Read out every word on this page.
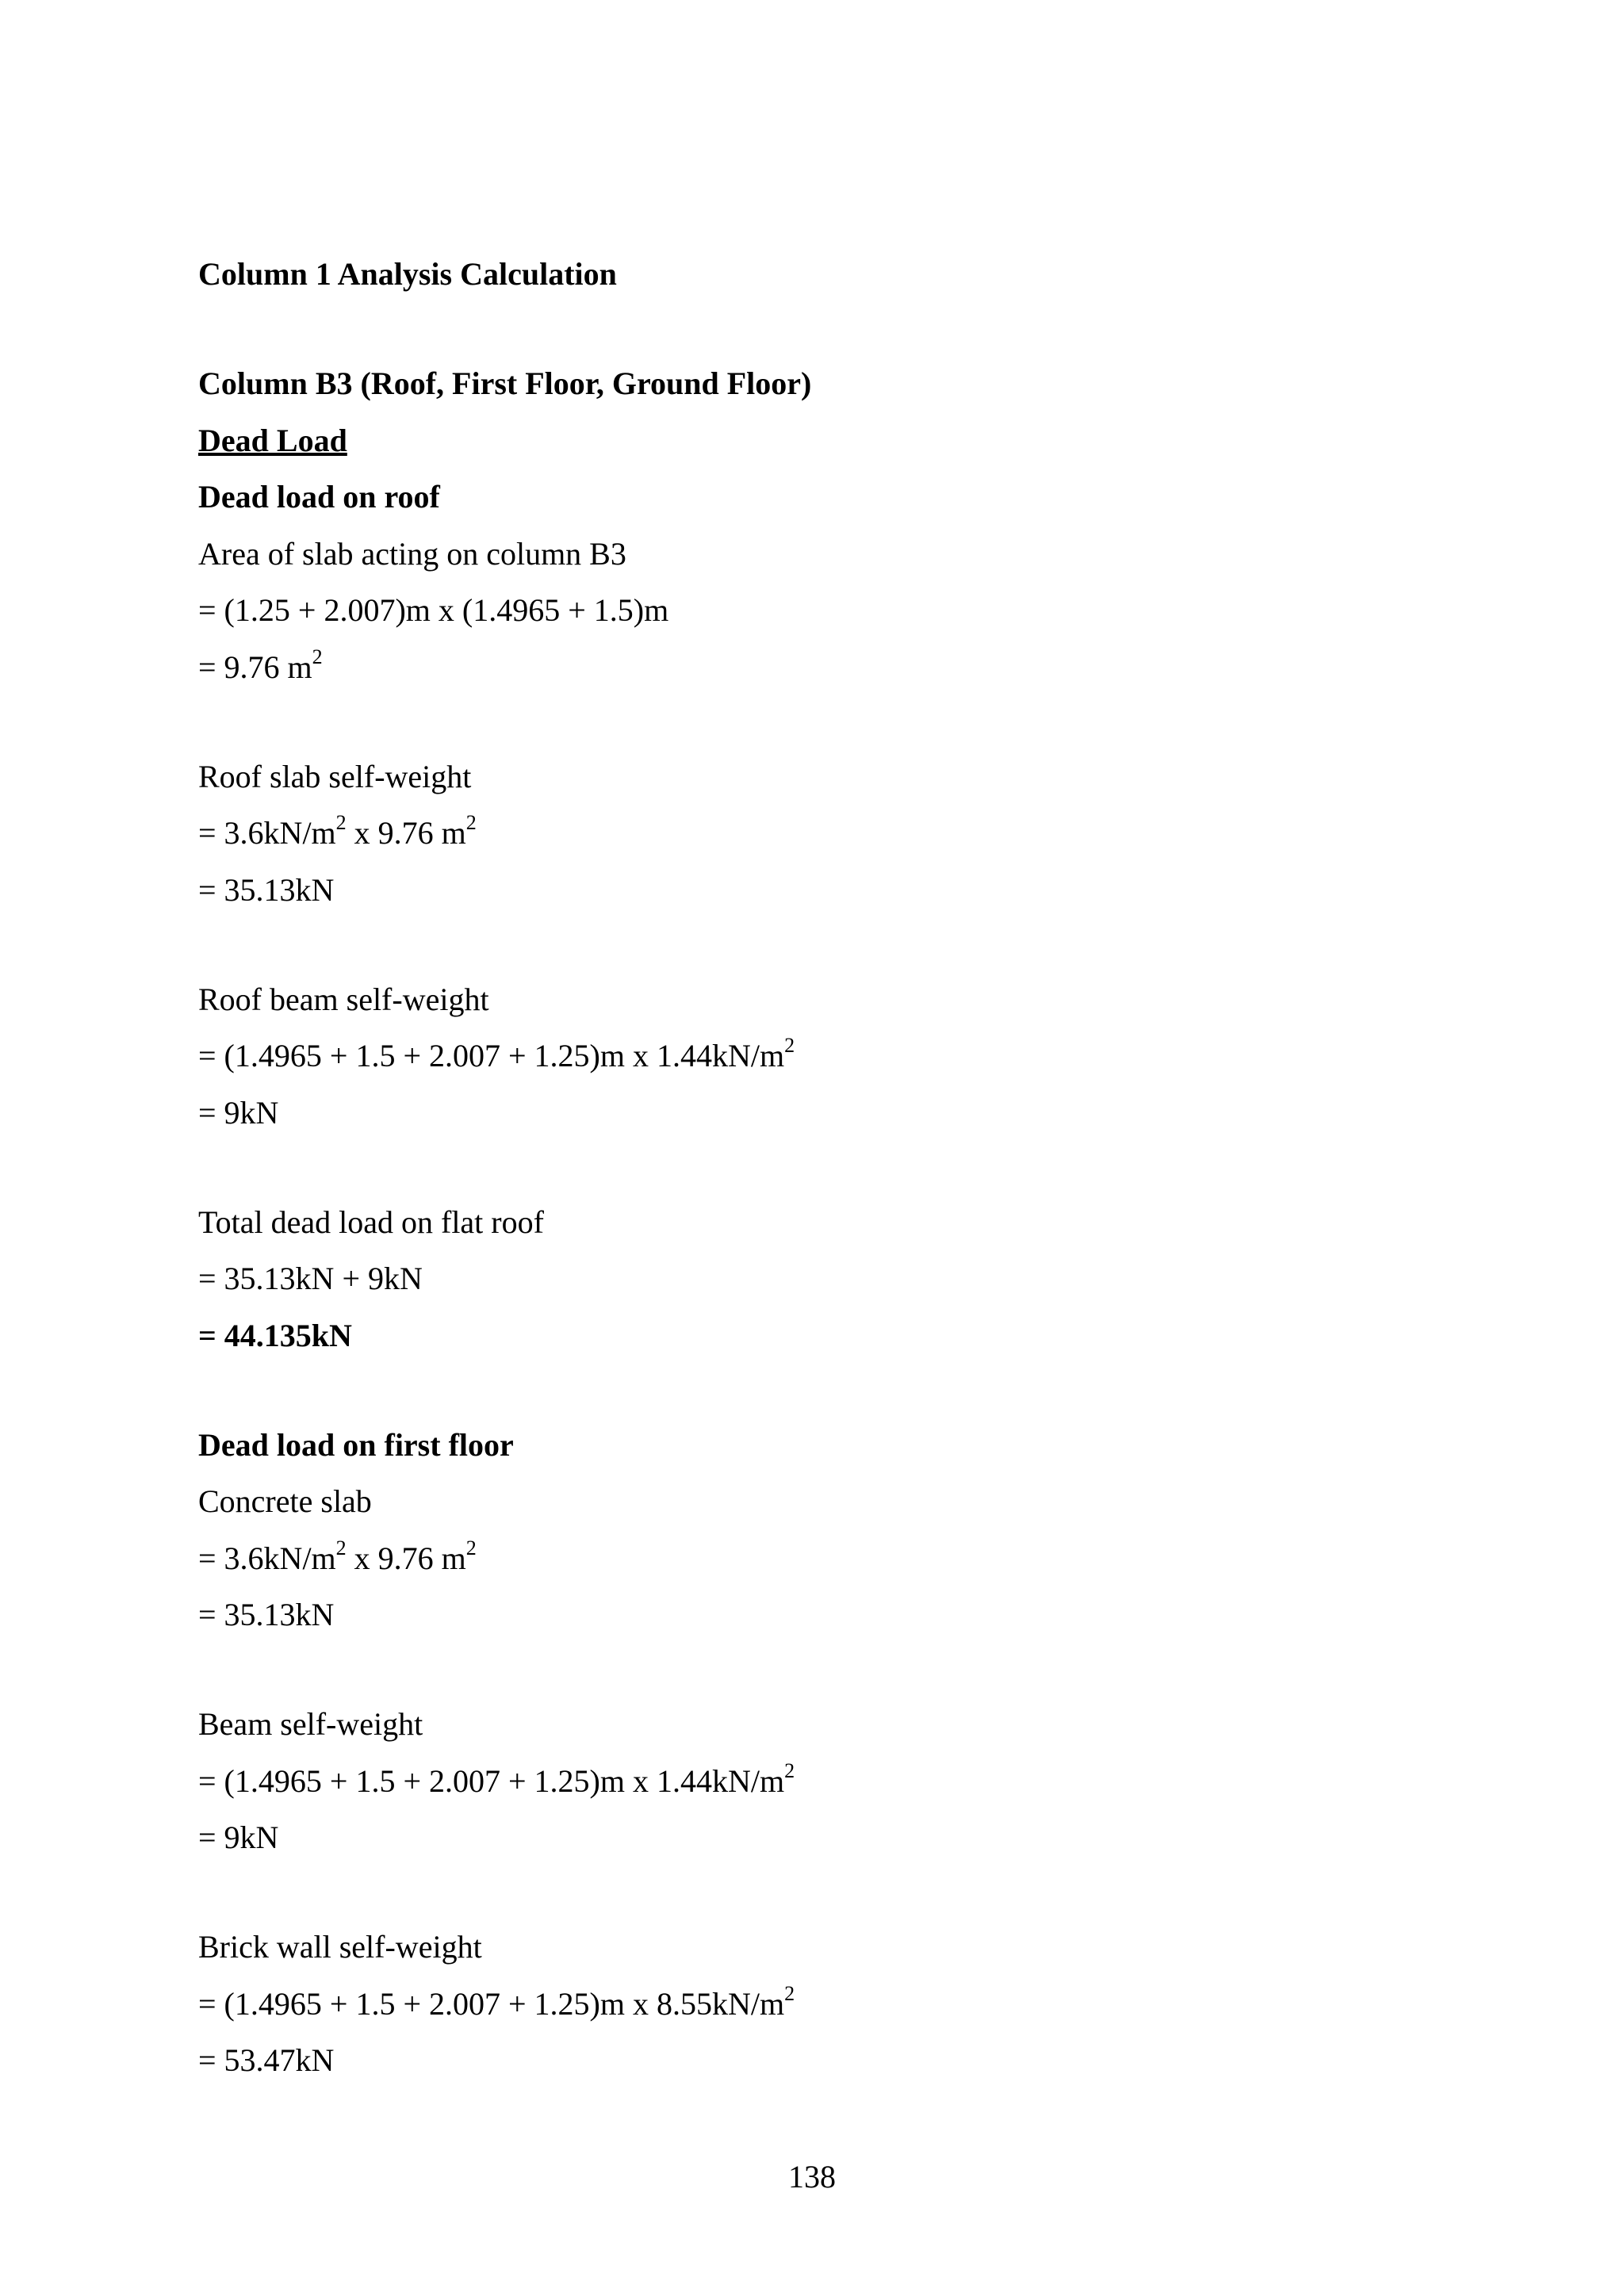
Column 1 Analysis Calculation
Column B3 (Roof, First Floor, Ground Floor)
Dead Load
Dead load on roof
Area of slab acting on column B3
= (1.25 + 2.007)m x (1.4965 + 1.5)m
= 9.76 $m^2$
Roof slab self-weight
= $3.6kN/m^2$ x 9.76 $m^2$
= 35.13kN
Roof beam self-weight
= (1.4965 + 1.5 + 2.007 + 1.25)m x $1.44kN/m^2$
= 9kN
Total dead load on flat roof
= 35.13kN + 9kN
= 44.135kN
Dead load on first floor
Concrete slab
= $3.6kN/m^2$ x 9.76 $m^2$
= 35.13kN
Beam self-weight
= (1.4965 + 1.5 + 2.007 + 1.25)m x $1.44kN/m^2$
= 9kN
Brick wall self-weight
= (1.4965 + 1.5 + 2.007 + 1.25)m x $8.55kN/m^2$
= 53.47kN
138
